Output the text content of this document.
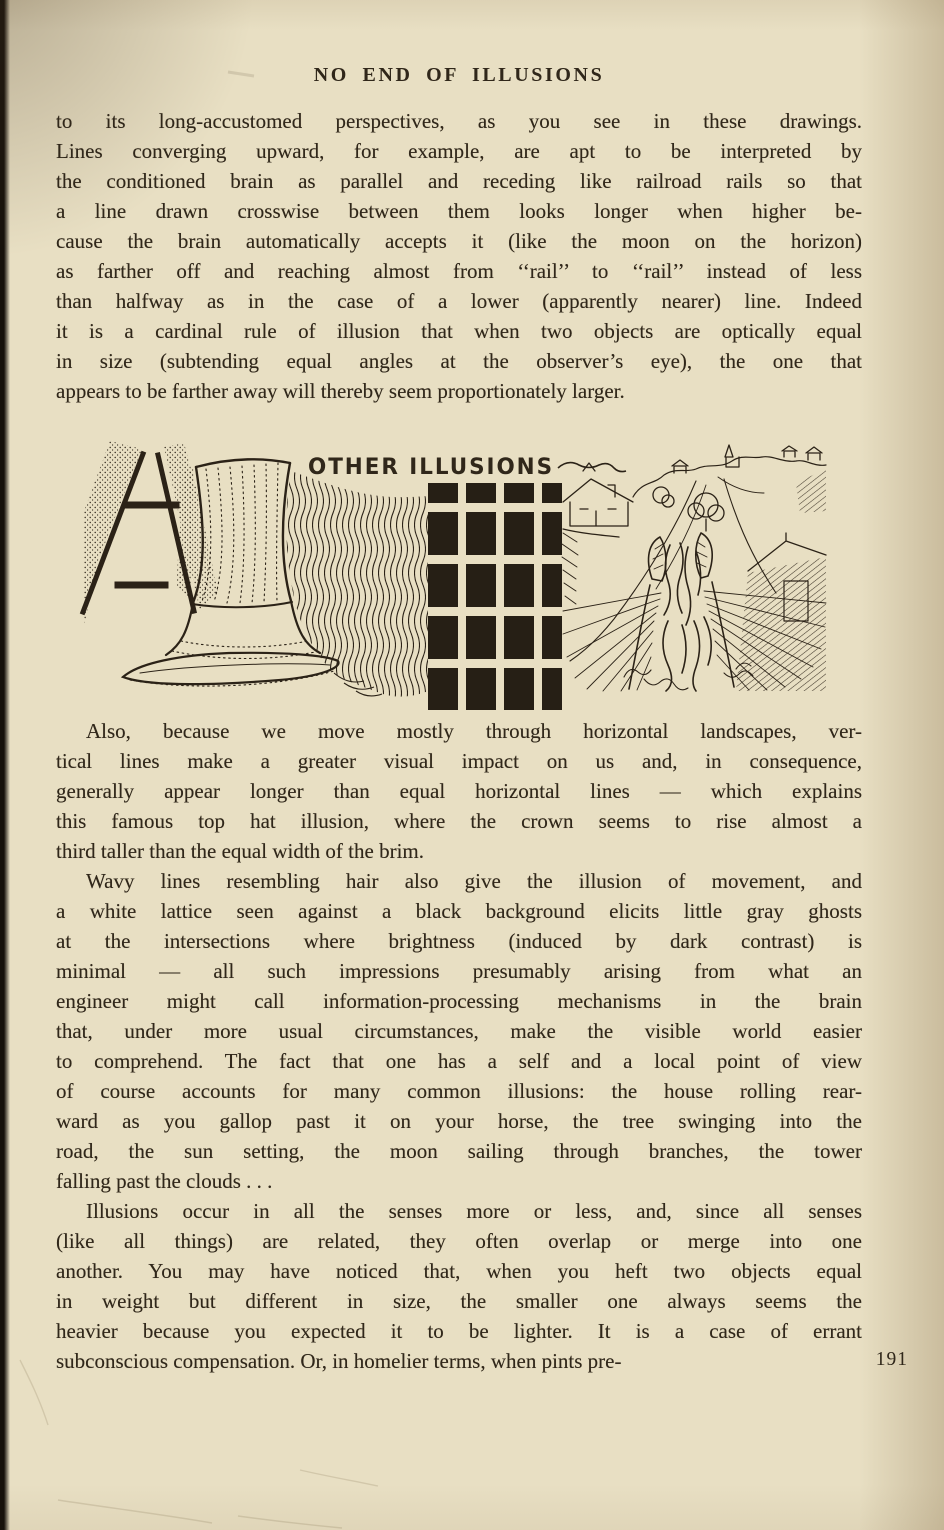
NO END OF ILLUSIONS
to its long-accustomed perspectives, as you see in these drawings.
Lines converging upward, for example, are apt to be interpreted by
the conditioned brain as parallel and receding like railroad rails so that
a line drawn crosswise between them looks longer when higher be-
cause the brain automatically accepts it (like the moon on the horizon)
as farther off and reaching almost from ‘‘rail’’ to ‘‘rail’’ instead of less
than halfway as in the case of a lower (apparently nearer) line. Indeed
it is a cardinal rule of illusion that when two objects are optically equal
in size (subtending equal angles at the observer’s eye), the one that
appears to be farther away will thereby seem proportionately larger.
Also, because we move mostly through horizontal landscapes, ver-
tical lines make a greater visual impact on us and, in consequence,
generally appear longer than equal horizontal lines — which explains
this famous top hat illusion, where the crown seems to rise almost a
third taller than the equal width of the brim.
Wavy lines resembling hair also give the illusion of movement, and
a white lattice seen against a black background elicits little gray ghosts
at the intersections where brightness (induced by dark contrast) is
minimal — all such impressions presumably arising from what an
engineer might call information-processing mechanisms in the brain
that, under more usual circumstances, make the visible world easier
to comprehend. The fact that one has a self and a local point of view
of course accounts for many common illusions: the house rolling rear-
ward as you gallop past it on your horse, the tree swinging into the
road, the sun setting, the moon sailing through branches, the tower
falling past the clouds . . .
Illusions occur in all the senses more or less, and, since all senses
(like all things) are related, they often overlap or merge into one
another. You may have noticed that, when you heft two objects equal
in weight but different in size, the smaller one always seems the
heavier because you expected it to be lighter. It is a case of errant
subconscious compensation. Or, in homelier terms, when pints pre-
OTHER ILLUSIONS
191
